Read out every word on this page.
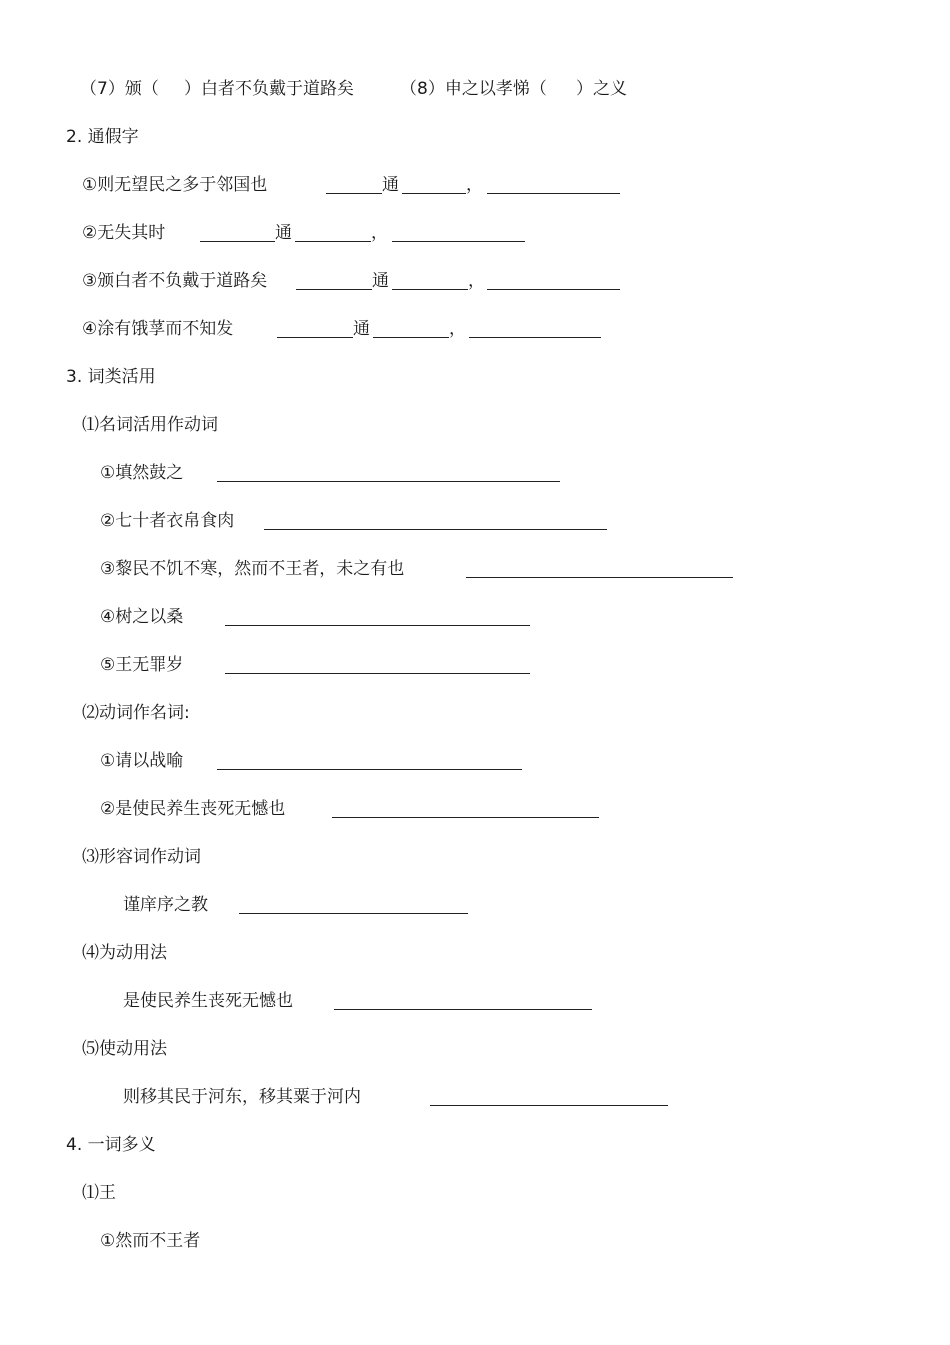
（7）颁（ ）白者不负戴于道路矣	（8）申之以孝悌（ ）之义
2. 通假字
①则无望民之多于邻国也	通	，
②无失其时	通	，
③颁白者不负戴于道路矣	通	，
④涂有饿莩而不知发	通	，
3. 词类活用
⑴名词活用作动词
①填然鼓之
②七十者衣帛食肉
③黎民不饥不寒，然而不王者，未之有也
④树之以桑
⑤王无罪岁
⑵动词作名词:
①请以战喻
②是使民养生丧死无憾也
⑶形容词作动词
谨庠序之教
⑷为动用法
是使民养生丧死无憾也
⑸使动用法
则移其民于河东，移其粟于河内
4. 一词多义
⑴王
①然而不王者
